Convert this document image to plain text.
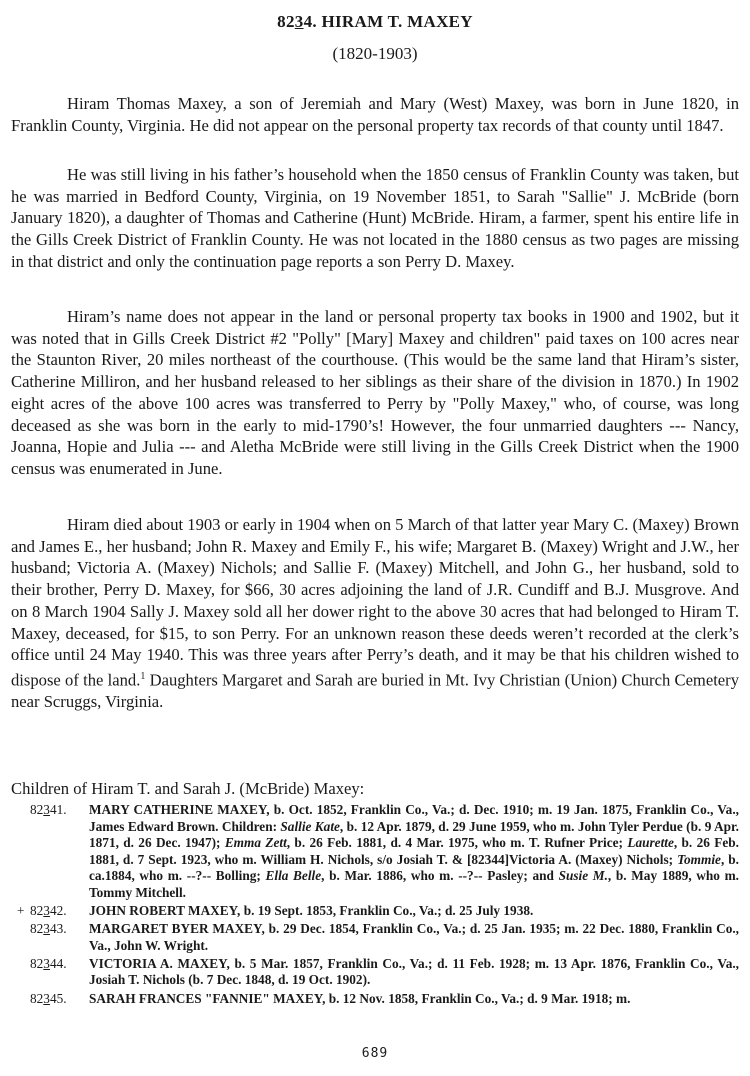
8234. HIRAM T. MAXEY
(1820-1903)

Hiram Thomas Maxey, a son of Jeremiah and Mary (West) Maxey, was born in June 1820, in Franklin County, Virginia. He did not appear on the personal property tax records of that county until 1847.

He was still living in his father’s household when the 1850 census of Franklin County was taken, but he was married in Bedford County, Virginia, on 19 November 1851, to Sarah "Sallie" J. McBride (born January 1820), a daughter of Thomas and Catherine (Hunt) McBride. Hiram, a farmer, spent his entire life in the Gills Creek District of Franklin County. He was not located in the 1880 census as two pages are missing in that district and only the continuation page reports a son Perry D. Maxey.

Hiram’s name does not appear in the land or personal property tax books in 1900 and 1902, but it was noted that in Gills Creek District #2 "Polly" [Mary] Maxey and children" paid taxes on 100 acres near the Staunton River, 20 miles northeast of the courthouse. (This would be the same land that Hiram’s sister, Catherine Milliron, and her husband released to her siblings as their share of the division in 1870.) In 1902 eight acres of the above 100 acres was transferred to Perry by "Polly Maxey," who, of course, was long deceased as she was born in the early to mid-1790’s! However, the four unmarried daughters --- Nancy, Joanna, Hopie and Julia --- and Aletha McBride were still living in the Gills Creek District when the 1900 census was enumerated in June.

Hiram died about 1903 or early in 1904 when on 5 March of that latter year Mary C. (Maxey) Brown and James E., her husband; John R. Maxey and Emily F., his wife; Margaret B. (Maxey) Wright and J.W., her husband; Victoria A. (Maxey) Nichols; and Sallie F. (Maxey) Mitchell, and John G., her husband, sold to their brother, Perry D. Maxey, for $66, 30 acres adjoining the land of J.R. Cundiff and B.J. Musgrove. And on 8 March 1904 Sally J. Maxey sold all her dower right to the above 30 acres that had belonged to Hiram T. Maxey, deceased, for $15, to son Perry. For an unknown reason these deeds weren’t recorded at the clerk’s office until 24 May 1940. This was three years after Perry’s death, and it may be that his children wished to dispose of the land.$^1$ Daughters Margaret and Sarah are buried in Mt. Ivy Christian (Union) Church Cemetery near Scruggs, Virginia.

Children of Hiram T. and Sarah J. (McBride) Maxey:

82341. MARY CATHERINE MAXEY, b. Oct. 1852, Franklin Co., Va.; d. Dec. 1910; m. 19 Jan. 1875, Franklin Co., Va., James Edward Brown. Children: Sallie Kate, b. 12 Apr. 1879, d. 29 June 1959, who m. John Tyler Perdue (b. 9 Apr. 1871, d. 26 Dec. 1947); Emma Zett, b. 26 Feb. 1881, d. 4 Mar. 1975, who m. T. Rufner Price; Laurette, b. 26 Feb. 1881, d. 7 Sept. 1923, who m. William H. Nichols, s/o Josiah T. & [82344]Victoria A. (Maxey) Nichols; Tommie, b. ca.1884, who m. --?-- Bolling; Ella Belle, b. Mar. 1886, who m. --?-- Pasley; and Susie M., b. May 1889, who m. Tommy Mitchell.
+ 82342. JOHN ROBERT MAXEY, b. 19 Sept. 1853, Franklin Co., Va.; d. 25 July 1938.
82343. MARGARET BYER MAXEY, b. 29 Dec. 1854, Franklin Co., Va.; d. 25 Jan. 1935; m. 22 Dec. 1880, Franklin Co., Va., John W. Wright.
82344. VICTORIA A. MAXEY, b. 5 Mar. 1857, Franklin Co., Va.; d. 11 Feb. 1928; m. 13 Apr. 1876, Franklin Co., Va., Josiah T. Nichols (b. 7 Dec. 1848, d. 19 Oct. 1902).
82345. SARAH FRANCES "FANNIE" MAXEY, b. 12 Nov. 1858, Franklin Co., Va.; d. 9 Mar. 1918; m.
689
